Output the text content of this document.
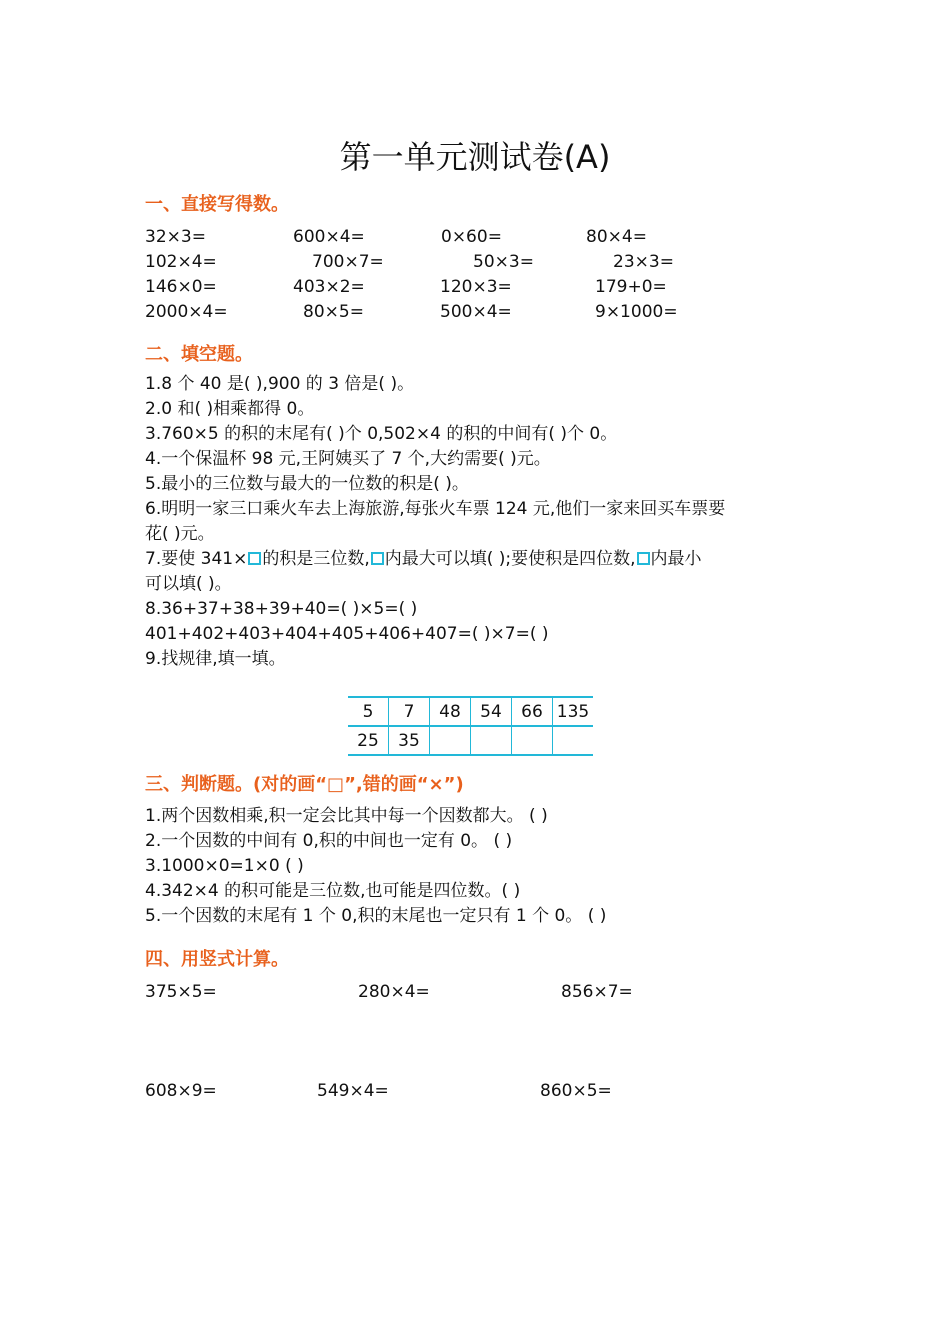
第一单元测试卷(A)
一、直接写得数。
32×3=	600×4=	0×60=	80×4=
102×4=	700×7=	50×3=	23×3=
146×0=	403×2=	120×3=	179+0=
2000×4=	80×5=	500×4=	9×1000=
二、填空题。
1.8 个 40 是( ),900 的 3 倍是( )。
2.0 和( )相乘都得 0。
3.760×5 的积的末尾有( )个 0,502×4 的积的中间有( )个 0。
4.一个保温杯 98 元,王阿姨买了 7 个,大约需要( )元。
5.最小的三位数与最大的一位数的积是( )。
6.明明一家三口乘火车去上海旅游,每张火车票 124 元,他们一家来回买车票要
花( )元。
7.要使 341× 的积是三位数, 内最大可以填( );要使积是四位数, 内最小
可以填( )。
8.36+37+38+39+40=( )×5=( )
401+402+403+404+405+406+407=( )×7=( )
9.找规律,填一填。
5	7	48	54	66	135
25	35				
三、判断题。(对的画“□”,错的画“×”)
1.两个因数相乘,积一定会比其中每一个因数都大。 ( )
2.一个因数的中间有 0,积的中间也一定有 0。 ( )
3.1000×0=1×0 ( )
4.342×4 的积可能是三位数,也可能是四位数。( )
5.一个因数的末尾有 1 个 0,积的末尾也一定只有 1 个 0。 ( )
四、用竖式计算。
375×5=	280×4=	856×7=
608×9=	549×4=	860×5=
